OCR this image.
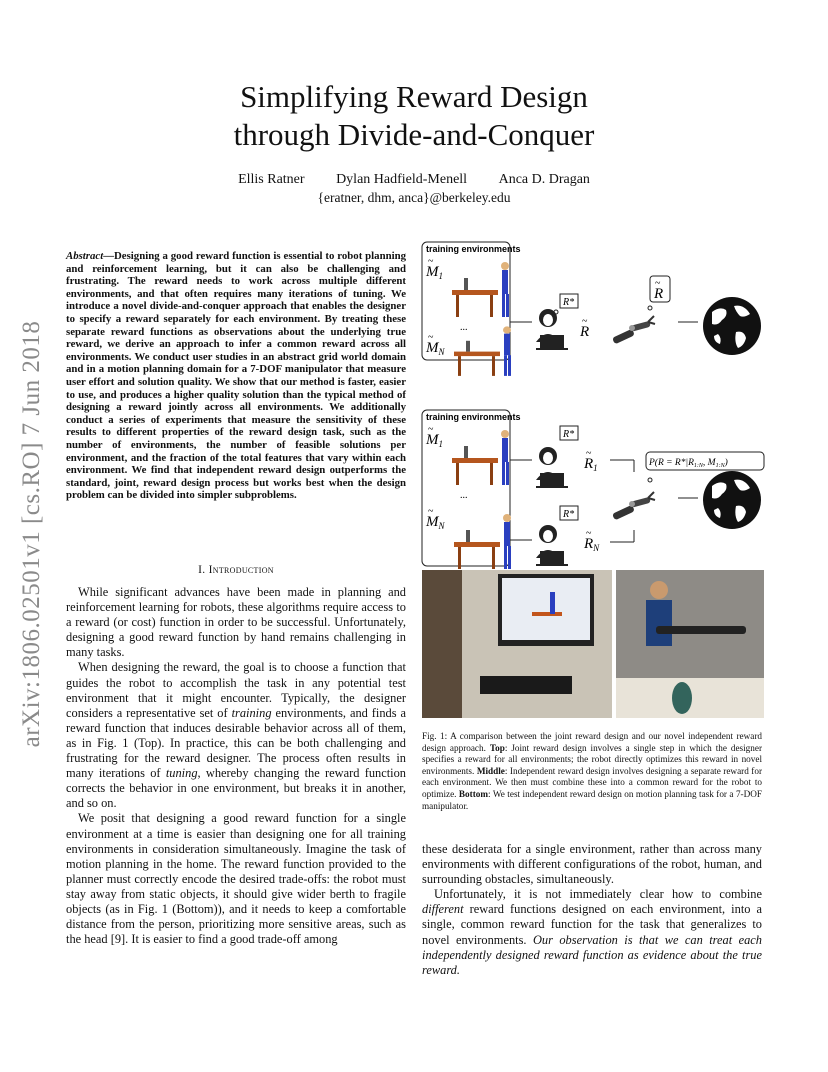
Simplifying Reward Design
through Divide-and-Conquer
Ellis Ratner Dylan Hadfield-Menell Anca D. Dragan
{eratner, dhm, anca}@berkeley.edu
arXiv:1806.02501v1 [cs.RO] 7 Jun 2018
Abstract—Designing a good reward function is essential to robot planning and reinforcement learning, but it can also be challenging and frustrating. The reward needs to work across multiple different environments, and that often requires many iterations of tuning. We introduce a novel divide-and-conquer approach that enables the designer to specify a reward separately for each environment. By treating these separate reward functions as observations about the underlying true reward, we derive an approach to infer a common reward across all environments. We conduct user studies in an abstract grid world domain and in a motion planning domain for a 7-DOF manipulator that measure user effort and solution quality. We show that our method is faster, easier to use, and produces a higher quality solution than the typical method of designing a reward jointly across all environments. We additionally conduct a series of experiments that measure the sensitivity of these results to different properties of the reward design task, such as the number of environments, the number of feasible solutions per environment, and the fraction of the total features that vary within each environment. We find that independent reward design outperforms the standard, joint, reward design process but works best when the design problem can be divided into simpler subproblems.
I. Introduction

While significant advances have been made in planning and reinforcement learning for robots, these algorithms require access to a reward (or cost) function in order to be successful. Unfortunately, designing a good reward function by hand remains challenging in many tasks.

When designing the reward, the goal is to choose a function that guides the robot to accomplish the task in any potential test environment that it might encounter. Typically, the designer considers a representative set of training environments, and finds a reward function that induces desirable behavior across all of them, as in Fig. 1 (Top). In practice, this can be both challenging and frustrating for the reward designer. The process often results in many iterations of tuning, whereby changing the reward function corrects the behavior in one environment, but breaks it in another, and so on.

We posit that designing a good reward function for a single environment at a time is easier than designing one for all training environments in consideration simultaneously. Imagine the task of motion planning in the home. The reward function provided to the planner must correctly encode the desired trade-offs: the robot must stay away from static objects, it should give wider berth to fragile objects (as in Fig. 1 (Bottom)), and it needs to keep a comfortable distance from the person, prioritizing more sensitive areas, such as the head [9]. It is easier to find a good trade-off among

these desiderata for a single environment, rather than across many environments with different configurations of the robot, human, and surrounding obstacles, simultaneously.

Unfortunately, it is not immediately clear how to combine different reward functions designed on each environment, into a single, common reward function for the task that generalizes to novel environments. Our observation is that we can treat each independently designed reward function as evidence about the true reward.

Fig. 1: A comparison between the joint reward design and our novel independent reward design approach. Top: Joint reward design involves a single step in which the designer specifies a reward for all environments; the robot directly optimizes this reward in novel environments. Middle: Independent reward design involves designing a separate reward for each environment. We then must combine these into a common reward for the robot to optimize. Bottom: We test independent reward design on motion planning task for a 7-DOF manipulator.
training environments
$M_1$
~
...
$M_N$
~
R*
R
~
R
~
training environments
$M_1$
~
...
$M_N$
~
R*
R*
$R_1$
~
$R_N$
~
$P(R = R*|R_{1:N}$, $M_{1:N}$)
